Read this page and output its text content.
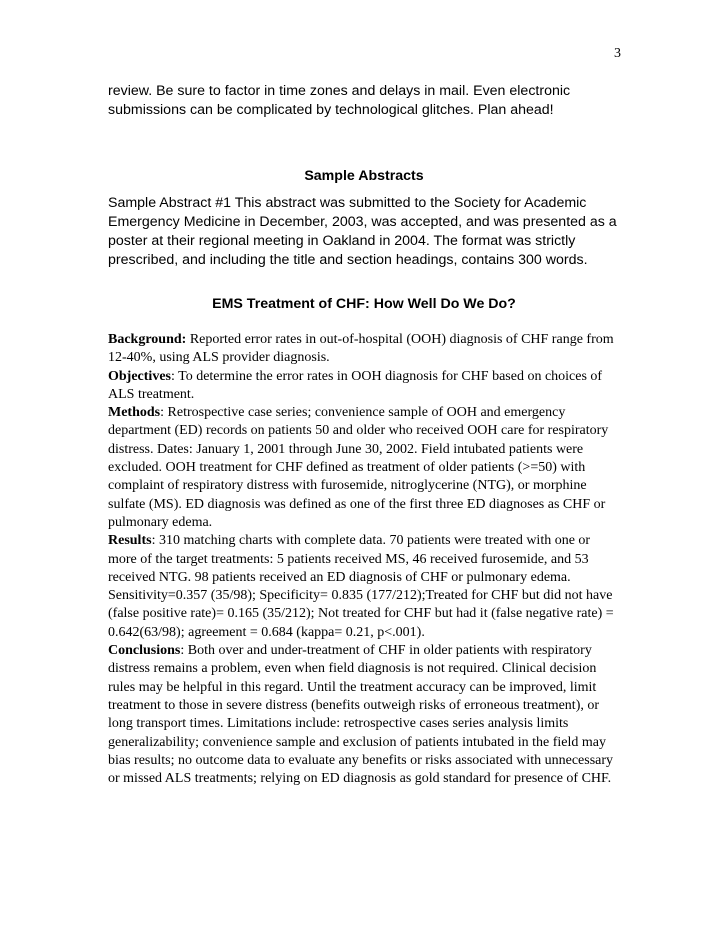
3
review. Be sure to factor in time zones and delays in mail. Even electronic submissions can be complicated by technological glitches. Plan ahead!
Sample Abstracts
Sample Abstract #1 This abstract was submitted to the Society for Academic Emergency Medicine in December, 2003, was accepted, and was presented as a poster at their regional meeting in Oakland in 2004. The format was strictly prescribed, and including the title and section headings, contains 300 words.
EMS Treatment of CHF: How Well Do We Do?
Background: Reported error rates in out-of-hospital (OOH) diagnosis of CHF range from 12-40%, using ALS provider diagnosis.
Objectives: To determine the error rates in OOH diagnosis for CHF based on choices of ALS treatment.
Methods: Retrospective case series; convenience sample of OOH and emergency department (ED) records on patients 50 and older who received OOH care for respiratory distress. Dates: January 1, 2001 through June 30, 2002. Field intubated patients were excluded. OOH treatment for CHF defined as treatment of older patients (>=50) with complaint of respiratory distress with furosemide, nitroglycerine (NTG), or morphine sulfate (MS). ED diagnosis was defined as one of the first three ED diagnoses as CHF or pulmonary edema.
Results: 310 matching charts with complete data. 70 patients were treated with one or more of the target treatments: 5 patients received MS, 46 received furosemide, and 53 received NTG. 98 patients received an ED diagnosis of CHF or pulmonary edema. Sensitivity=0.357 (35/98); Specificity= 0.835 (177/212);Treated for CHF but did not have (false positive rate)= 0.165 (35/212); Not treated for CHF but had it (false negative rate) = 0.642(63/98); agreement = 0.684 (kappa= 0.21, p<.001).
Conclusions: Both over and under-treatment of CHF in older patients with respiratory distress remains a problem, even when field diagnosis is not required. Clinical decision rules may be helpful in this regard. Until the treatment accuracy can be improved, limit treatment to those in severe distress (benefits outweigh risks of erroneous treatment), or long transport times. Limitations include: retrospective cases series analysis limits generalizability; convenience sample and exclusion of patients intubated in the field may bias results; no outcome data to evaluate any benefits or risks associated with unnecessary or missed ALS treatments; relying on ED diagnosis as gold standard for presence of CHF.
